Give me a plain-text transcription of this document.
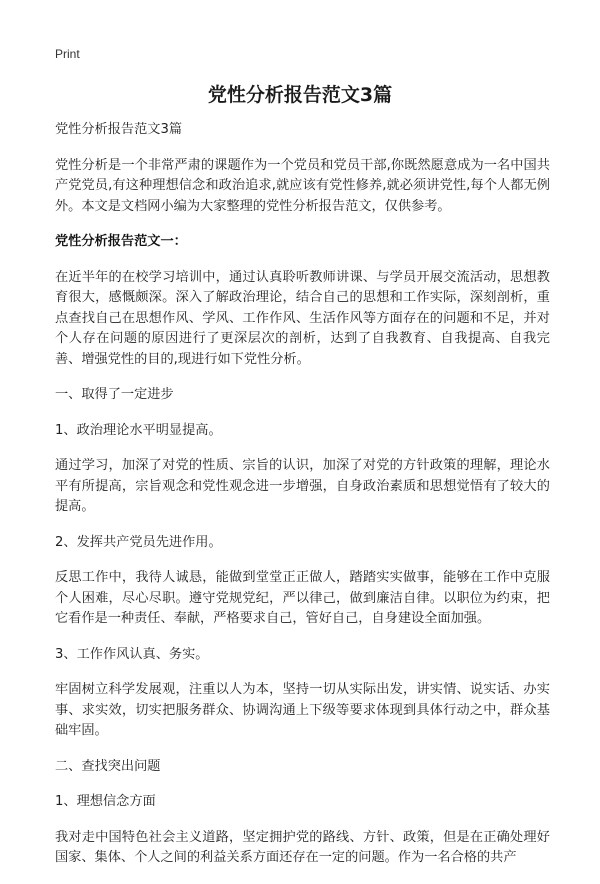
Print
党性分析报告范文3篇

党性分析报告范文3篇

党性分析是一个非常严肃的课题作为一个党员和党员干部,你既然愿意成为一名中国共产党党员,有这种理想信念和政治追求,就应该有党性修养,就必须讲党性,每个人都无例外。本文是文档网小编为大家整理的党性分析报告范文，仅供参考。

党性分析报告范文一：

在近半年的在校学习培训中，通过认真聆听教师讲课、与学员开展交流活动，思想教育很大，感慨颇深。深入了解政治理论，结合自己的思想和工作实际，深刻剖析，重点查找自己在思想作风、学风、工作作风、生活作风等方面存在的问题和不足，并对个人存在问题的原因进行了更深层次的剖析，达到了自我教育、自我提高、自我完善、增强党性的目的,现进行如下党性分析。

一、取得了一定进步

1、政治理论水平明显提高。

通过学习，加深了对党的性质、宗旨的认识，加深了对党的方针政策的理解，理论水平有所提高，宗旨观念和党性观念进一步增强，自身政治素质和思想觉悟有了较大的提高。

2、发挥共产党员先进作用。

反思工作中，我待人诚恳，能做到堂堂正正做人，踏踏实实做事，能够在工作中克服个人困难，尽心尽职。遵守党规党纪，严以律己，做到廉洁自律。以职位为约束，把它看作是一种责任、奉献，严格要求自己，管好自己，自身建设全面加强。

3、工作作风认真、务实。

牢固树立科学发展观，注重以人为本，坚持一切从实际出发，讲实情、说实话、办实事、求实效，切实把服务群众、协调沟通上下级等要求体现到具体行动之中，群众基础牢固。

二、查找突出问题

1、理想信念方面

我对走中国特色社会主义道路，坚定拥护党的路线、方针、政策，但是在正确处理好国家、集体、个人之间的利益关系方面还存在一定的问题。作为一名合格的共产
